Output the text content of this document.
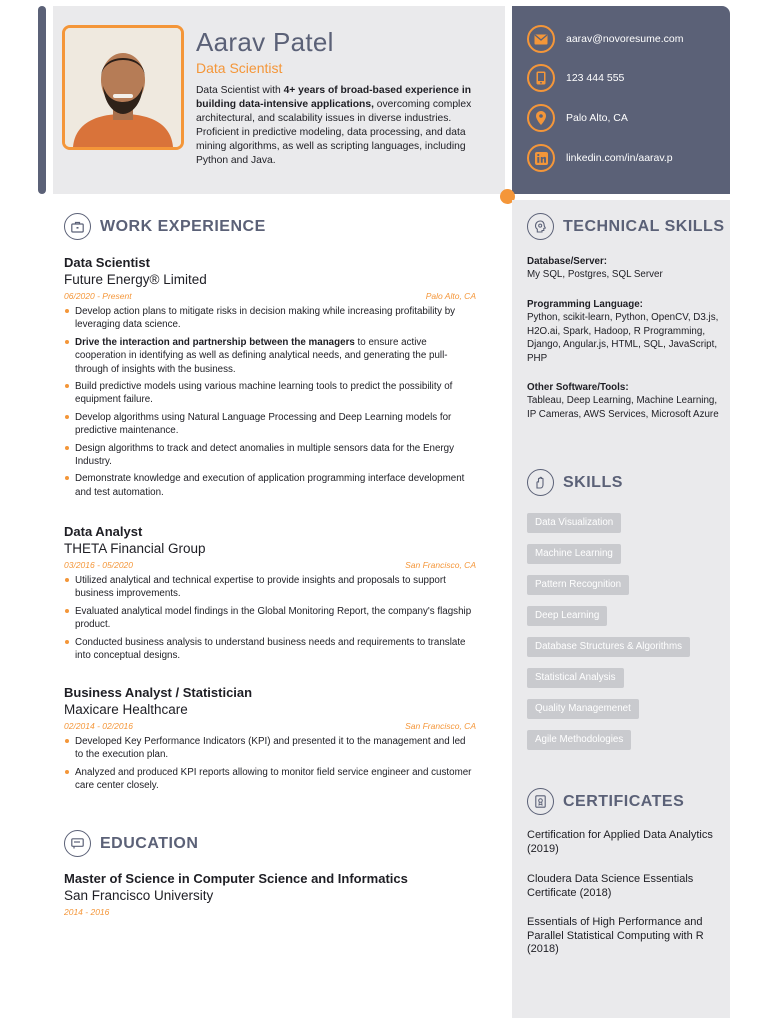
Aarav Patel
Data Scientist
Data Scientist with 4+ years of broad-based experience in building data-intensive applications, overcoming complex architectural, and scalability issues in diverse industries. Proficient in predictive modeling, data processing, and data mining algorithms, as well as scripting languages, including Python and Java.
aarav@novoresume.com
123 444 555
Palo Alto, CA
linkedin.com/in/aarav.p
WORK EXPERIENCE
Data Scientist
Future Energy® Limited
06/2020 - Present	Palo Alto, CA
Develop action plans to mitigate risks in decision making while increasing profitability by leveraging data science.
Drive the interaction and partnership between the managers to ensure active cooperation in identifying as well as defining analytical needs, and generating the pull-through of insights with the business.
Build predictive models using various machine learning tools to predict the possibility of equipment failure.
Develop algorithms using Natural Language Processing and Deep Learning models for predictive maintenance.
Design algorithms to track and detect anomalies in multiple sensors data for the Energy Industry.
Demonstrate knowledge and execution of application programming interface development and test automation.
Data Analyst
THETA Financial Group
03/2016 - 05/2020	San Francisco, CA
Utilized analytical and technical expertise to provide insights and proposals to support business improvements.
Evaluated analytical model findings in the Global Monitoring Report, the company's flagship product.
Conducted business analysis to understand business needs and requirements to translate into conceptual designs.
Business Analyst / Statistician
Maxicare Healthcare
02/2014 - 02/2016	San Francisco, CA
Developed Key Performance Indicators (KPI) and presented it to the management and led to the execution plan.
Analyzed and produced KPI reports allowing to monitor field service engineer and customer care center closely.
EDUCATION
Master of Science in Computer Science and Informatics
San Francisco University
2014 - 2016
TECHNICAL SKILLS
Database/Server:
My SQL, Postgres, SQL Server
Programming Language:
Python, scikit-learn, Python, OpenCV, D3.js, H2O.ai, Spark, Hadoop, R Programming, Django, Angular.js, HTML, SQL, JavaScript, PHP
Other Software/Tools:
Tableau, Deep Learning, Machine Learning, IP Cameras, AWS Services, Microsoft Azure
SKILLS
Data Visualization
Machine Learning
Pattern Recognition
Deep Learning
Database Structures & Algorithms
Statistical Analysis
Quality Managemenet
Agile Methodologies
CERTIFICATES
Certification for Applied Data Analytics (2019)
Cloudera Data Science Essentials Certificate (2018)
Essentials of High Performance and Parallel Statistical Computing with R (2018)
